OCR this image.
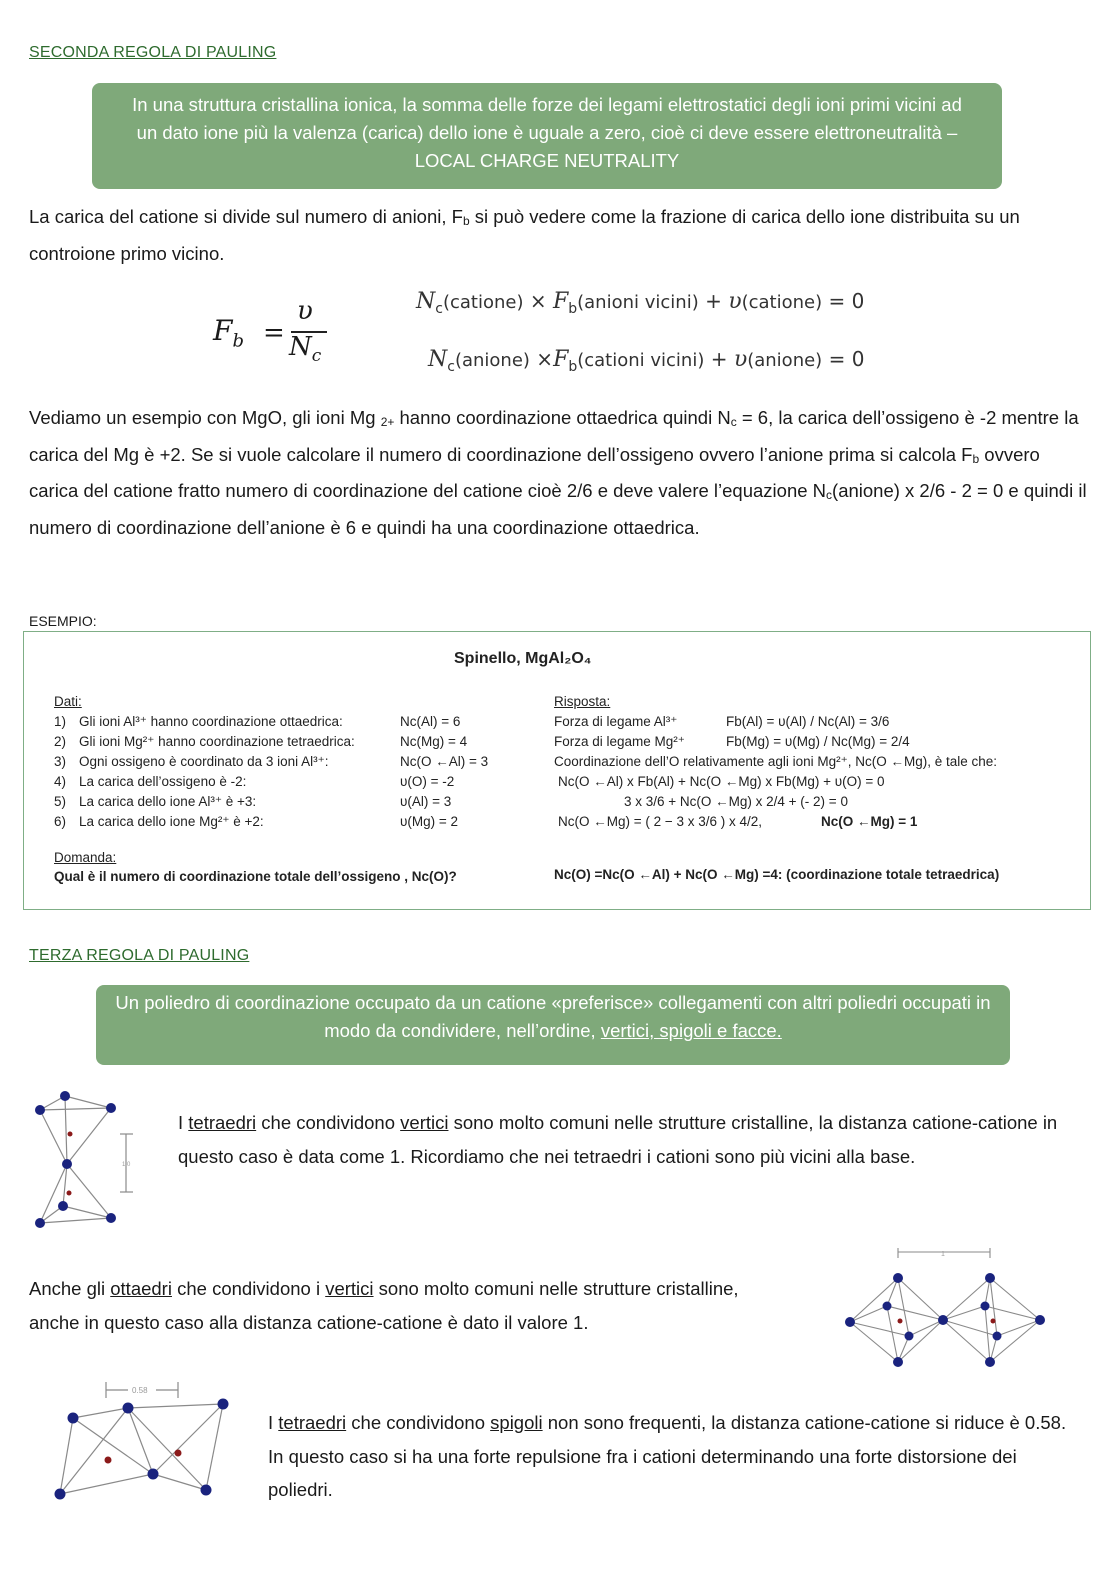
SECONDA REGOLA DI PAULING
In una struttura cristallina ionica, la somma delle forze dei legami elettrostatici degli ioni primi vicini ad un dato ione più la valenza (carica) dello ione è uguale a zero, cioè ci deve essere elettroneutralità – LOCAL CHARGE NEUTRALITY
La carica del catione si divide sul numero di anioni, $F_b$ si può vedere come la frazione di carica dello ione distribuita su un controione primo vicino.
$F_b$ =
υ
$N_c$
$N_c(catione)$ × $F_b(anioni$ vicini) + υ(catione) = 0
$N_c(anione)$ $\times F_b(cationi$ vicini) + υ(anione) = 0
Vediamo un esempio con MgO, gli ioni Mg $_{2+}$ hanno coordinazione ottaedrica quindi $N_c = 6$, la carica dell’ossigeno è -2 mentre la carica del Mg è +2. Se si vuole calcolare il numero di coordinazione dell’ossigeno ovvero l’anione prima si calcola $F_b$ ovvero carica del catione fratto numero di coordinazione del catione cioè 2/6 e deve valere l’equazione $N_c(anione)$ x 2/6 - 2 = 0 e quindi il numero di coordinazione dell’anione è 6 e quindi ha una coordinazione ottaedrica.
ESEMPIO:
Spinello, MgAl₂O₄
Dati:
1) Gli ioni Al³⁺ hanno coordinazione ottaedrica:	Nc(Al) = 6
2) Gli ioni Mg²⁺ hanno coordinazione tetraedrica:	Nc(Mg) = 4
3) Ogni ossigeno è coordinato da 3 ioni Al³⁺:	Nc(O ←Al) = 3
4) La carica dell’ossigeno è -2:	υ(O) = -2
5) La carica dello ione Al³⁺ è +3:	υ(Al) = 3
6) La carica dello ione Mg²⁺ è +2:	υ(Mg) = 2
Risposta:
Forza di legame Al³⁺	Fb(Al) = υ(Al) / Nc(Al) = 3/6
Forza di legame Mg²⁺	Fb(Mg) = υ(Mg) / Nc(Mg) = 2/4
Coordinazione dell’O relativamente agli ioni Mg²⁺, Nc(O ←Mg), è tale che:
Nc(O ←Al) x Fb(Al) + Nc(O ←Mg) x Fb(Mg) + υ(O) = 0
3 x 3/6 + Nc(O ←Mg) x 2/4 + (- 2) = 0
Nc(O ←Mg) = ( 2 − 3 x 3/6 ) x 4/2,	Nc(O ←Mg) = 1
Domanda:
Qual è il numero di coordinazione totale dell’ossigeno , Nc(O)?	Nc(O) =Nc(O ←Al) + Nc(O ←Mg) =4: (coordinazione totale tetraedrica)
TERZA REGOLA DI PAULING
Un poliedro di coordinazione occupato da un catione «preferisce» collegamenti con altri poliedri occupati in modo da condividere, nell’ordine, vertici, spigoli e facce.
1.0
I tetraedri che condividono vertici sono molto comuni nelle strutture cristalline, la distanza catione-catione in questo caso è data come 1. Ricordiamo che nei tetraedri i cationi sono più vicini alla base.
Anche gli ottaedri che condividono i vertici sono molto comuni nelle strutture cristalline, anche in questo caso alla distanza catione-catione è dato il valore 1.
1
0.58
I tetraedri che condividono spigoli non sono frequenti, la distanza catione-catione si riduce è 0.58. In questo caso si ha una forte repulsione fra i cationi determinando una forte distorsione dei poliedri.
